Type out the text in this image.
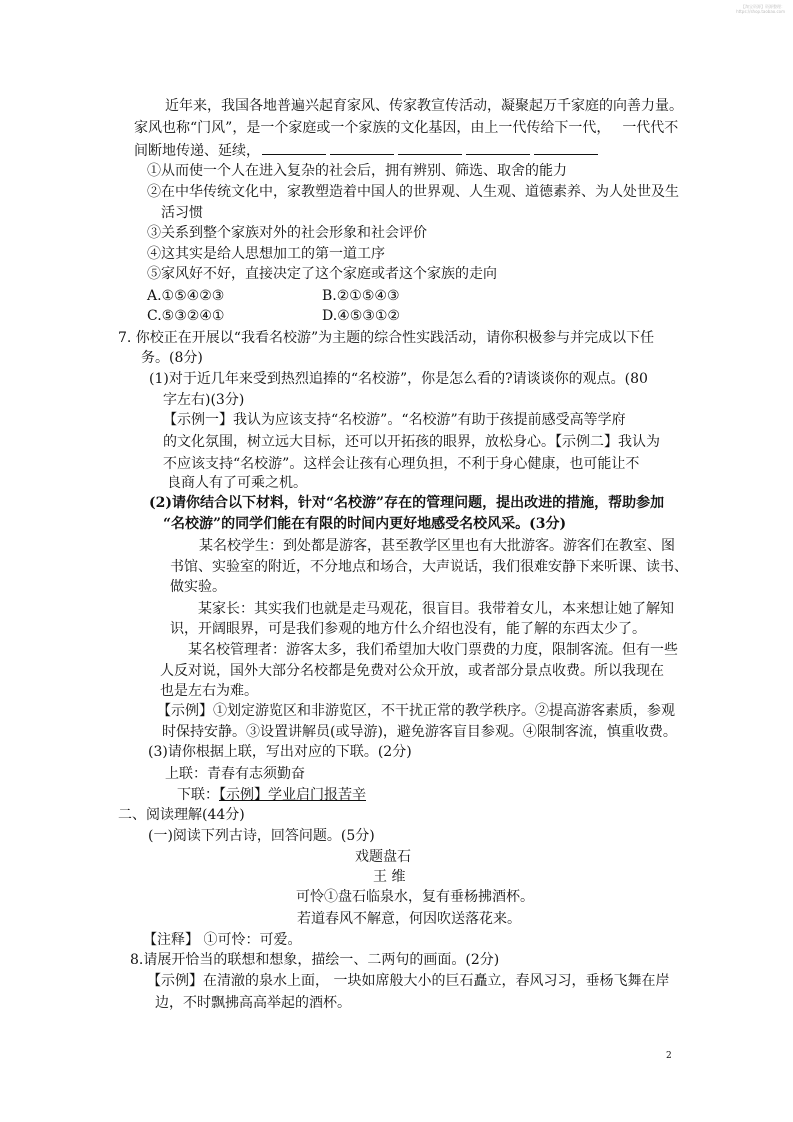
【淘宝资源】资源整理：
https://shop.taobao.com
近年来，我国各地普遍兴起育家风、传家教宣传活动，凝聚起万千家庭的向善力量。
家风也称“门风”，是一个家庭或一个家族的文化基因，由上一代传给下一代， 一代代不
间断地传递、延续，
①从而使一个人在进入复杂的社会后，拥有辨别、筛选、取舍的能力
②在中华传统文化中，家教塑造着中国人的世界观、人生观、道德素养、为人处世及生
活习惯
③关系到整个家族对外的社会形象和社会评价
④这其实是给人思想加工的第一道工序
⑤家风好不好，直接决定了这个家庭或者这个家族的走向
A.①⑤④②③	B.②①⑤④③
C.⑤③②④①	D.④⑤③①②
7. 你校正在开展以“我看名校游”为主题的综合性实践活动，请你积极参与并完成以下任
务。(8分)
(1)对于近几年来受到热烈追捧的“名校游”，你是怎么看的?请谈谈你的观点。(80
字左右)(3分)
【示例一】我认为应该支持“名校游”。“名校游”有助于孩提前感受高等学府
的文化氛围，树立远大目标，还可以开拓孩的眼界，放松身心。【示例二】我认为
不应该支持“名校游”。这样会让孩有心理负担，不利于身心健康，也可能让不
良商人有了可乘之机。
(2)请你结合以下材料，针对“名校游”存在的管理问题，提出改进的措施，帮助参加
“名校游”的同学们能在有限的时间内更好地感受名校风采。(3分)
某名校学生：到处都是游客，甚至教学区里也有大批游客。游客们在教室、图
书馆、实验室的附近，不分地点和场合，大声说话，我们很难安静下来听课、读书、
做实验。
某家长：其实我们也就是走马观花，很盲目。我带着女儿，本来想让她了解知
识，开阔眼界，可是我们参观的地方什么介绍也没有，能了解的东西太少了。
某名校管理者：游客太多，我们希望加大收门票费的力度，限制客流。但有一些
人反对说，国外大部分名校都是免费对公众开放，或者部分景点收费。所以我现在
也是左右为难。
【示例】①划定游览区和非游览区，不干扰正常的教学秩序。②提高游客素质，参观
时保持安静。③设置讲解员(或导游)，避免游客盲目参观。④限制客流，慎重收费。
(3)请你根据上联，写出对应的下联。(2分)
上联：青春有志须勤奋
下联：【示例】学业启门报苦辛
二、阅读理解(44分)
(一)阅读下列古诗，回答问题。(5分)
戏题盘石
王 维
可怜①盘石临泉水，复有垂杨拂酒杯。
若道春风不解意，何因吹送落花来。
【注释】 ①可怜：可爱。
8.请展开恰当的联想和想象，描绘一、二两句的画面。(2分)
【示例】在清澈的泉水上面， 一块如席般大小的巨石矗立，春风习习，垂杨飞舞在岸
边，不时飘拂高高举起的酒杯。
2
